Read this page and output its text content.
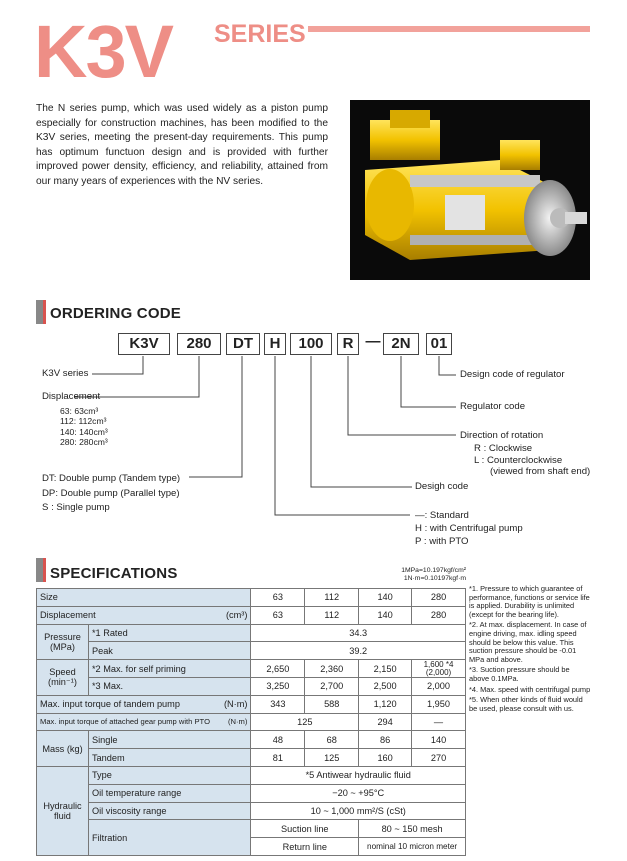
K3V SERIES
The N series pump, which was used widely as a piston pump especially for construction machines, has been modified to the K3V series, meeting the present-day requirements. This pump has optimum functuon design and is provided with further improved power density, efficiency, and reliability, attained from our many years of experiences with the NV series.
ORDERING CODE
K3V	280	DT	H	100	R — 2N	01
K3V series
Displacement
63: 63cm³
112: 112cm³
140: 140cm³
280: 280cm³
DT: Double pump (Tandem type)
DP: Double pump (Parallel type)
S : Single pump
Design code of regulator
Regulator code
Direction of rotation
R : Clockwise
L : Counterclockwise
(viewed from shaft end)
Desigh code
—: Standard
H : with Centrifugal pump
P : with PTO
SPECIFICATIONS	1MPa=10.197kgf/cm²
1N·m=0.10197kgf·m
Size		63	112	140	280
Displacement (cm³)		63	112	140	280
Pressure (MPa)	*1 Rated	34.3			
	Peak	39.2			
Speed (min⁻¹)	*2 Max. for self priming	2,650	2,360	2,150	1,600 *4 (2,000)
	*3 Max.	3,250	2,700	2,500	2,000
Max. input torque of tandem pump (N·m)		343	588	1,120	1,950
Max. input torque of attached gear pump with PTO (N·m)		125		294	—
Mass (kg)	Single	48	68	86	140
	Tandem	81	125	160	270
Hydraulic fluid	Type	*5 Antiwear hydraulic fluid			
	Oil temperature range	−20 ~ +95°C			
	Oil viscosity range	10 ~ 1,000 mm²/S (cSt)			
	Filtration	Suction line		80 ~ 150 mesh	
		Return line		nominal 10 micron meter	
*1. Pressure to which guarantee of performance, functions or service life is applied. Durability is unlimited (except for the bearing life).
*2. At max. displacement. In case of engine driving, max. idling speed should be below this value. This suction pressure should be -0.01 MPa and above.
*3. Suction pressure should be above 0.1MPa.
*4. Max. speed with centrifugal pump
*5. When other kinds of fluid would be used, please consult with us.
